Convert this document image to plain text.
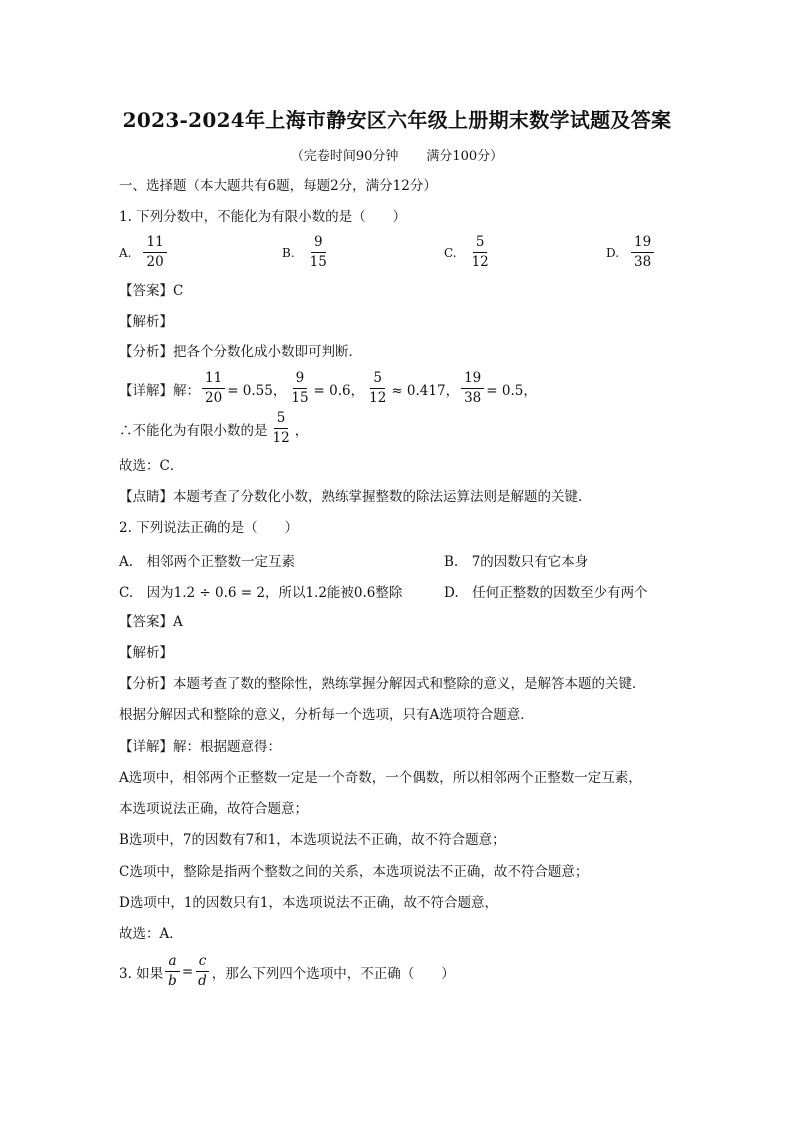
2023-2024年上海市静安区六年级上册期末数学试题及答案
（完卷时间90分钟 满分100分）
一、选择题（本大题共有6题，每题2分，满分12分）
1. 下列分数中，不能化为有限小数的是（　　）
A. $\frac{11}{20}$	B. $\frac{9}{15}$	C. $\frac{5}{12}$	D. $\frac{19}{38}$
【答案】C
【解析】
【分析】把各个分数化成小数即可判断．
【详解】解： $\frac{11}{20} = 0.55$， $\frac{9}{15} = 0.6$， $\frac{5}{12} \approx 0.417$， $\frac{19}{38} = 0.5$，
∴不能化为有限小数的是 $\frac{5}{12}$ ，
故选：C．
【点睛】本题考查了分数化小数，熟练掌握整数的除法运算法则是解题的关键．
2. 下列说法正确的是（　　）
A.　相邻两个正整数一定互素	B.　7的因数只有它本身
C.　因为1.2 ÷ 0.6 = 2，所以1.2能被0.6整除	D.　任何正整数的因数至少有两个
【答案】A
【解析】
【分析】本题考查了数的整除性，熟练掌握分解因式和整除的意义，是解答本题的关键．
根据分解因式和整除的意义，分析每一个选项，只有A选项符合题意．
【详解】解：根据题意得：
A选项中，相邻两个正整数一定是一个奇数，一个偶数，所以相邻两个正整数一定互素，
本选项说法正确，故符合题意；
B选项中，7的因数有7和1，本选项说法不正确，故不符合题意；
C选项中，整除是指两个整数之间的关系，本选项说法不正确，故不符合题意；
D选项中，1的因数只有1，本选项说法不正确，故不符合题意，
故选：A．
3. 如果 $\frac{a}{b} = \frac{c}{d}$ ，那么下列四个选项中，不正确（　　）
